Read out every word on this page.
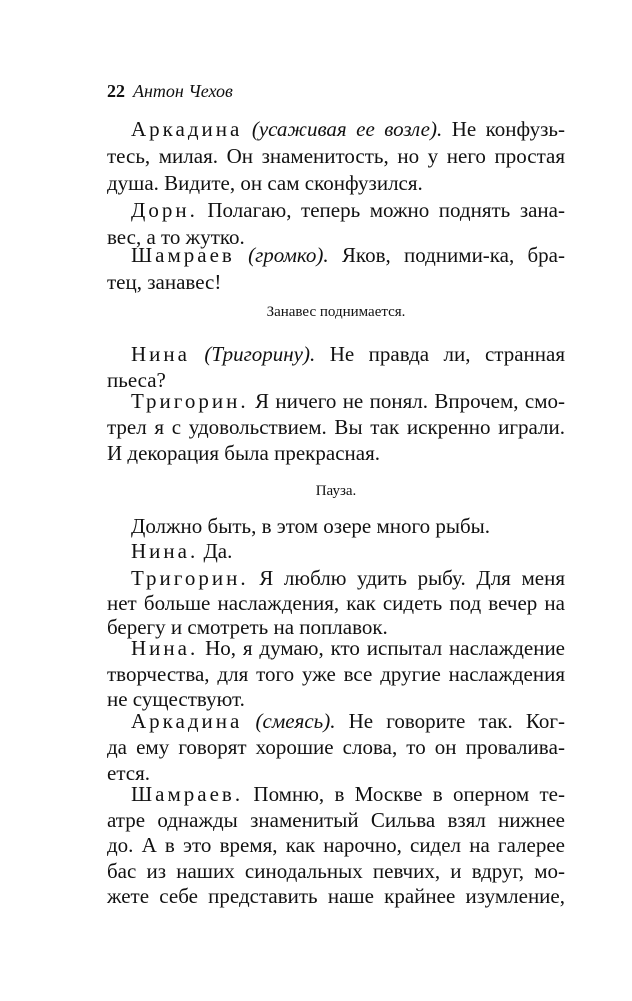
22 Антон Чехов
Аркадина (усаживая ее возле). Не конфузь-
тесь, милая. Он знаменитость, но у него простая
душа. Видите, он сам сконфузился.
Дорн. Полагаю, теперь можно поднять зана-
вес, а то жутко.
Шамраев (громко). Яков, подними-ка, бра-
тец, занавес!
Занавес поднимается.
Нина (Тригорину). Не правда ли, странная
пьеса?
Тригорин. Я ничего не понял. Впрочем, смо-
трел я с удовольствием. Вы так искренно играли.
И декорация была прекрасная.
Пауза.
Должно быть, в этом озере много рыбы.
Нина. Да.
Тригорин. Я люблю удить рыбу. Для меня
нет больше наслаждения, как сидеть под вечер на
берегу и смотреть на поплавок.
Нина. Но, я думаю, кто испытал наслаждение
творчества, для того уже все другие наслаждения
не существуют.
Аркадина (смеясь). Не говорите так. Ког-
да ему говорят хорошие слова, то он проваливa-
ется.
Шамраев. Помню, в Москве в оперном те-
атре однажды знаменитый Сильва взял нижнее
до. А в это время, как нарочно, сидел на галерее
бас из наших синодальных певчих, и вдруг, мо-
жете себе представить наше крайнее изумление,
